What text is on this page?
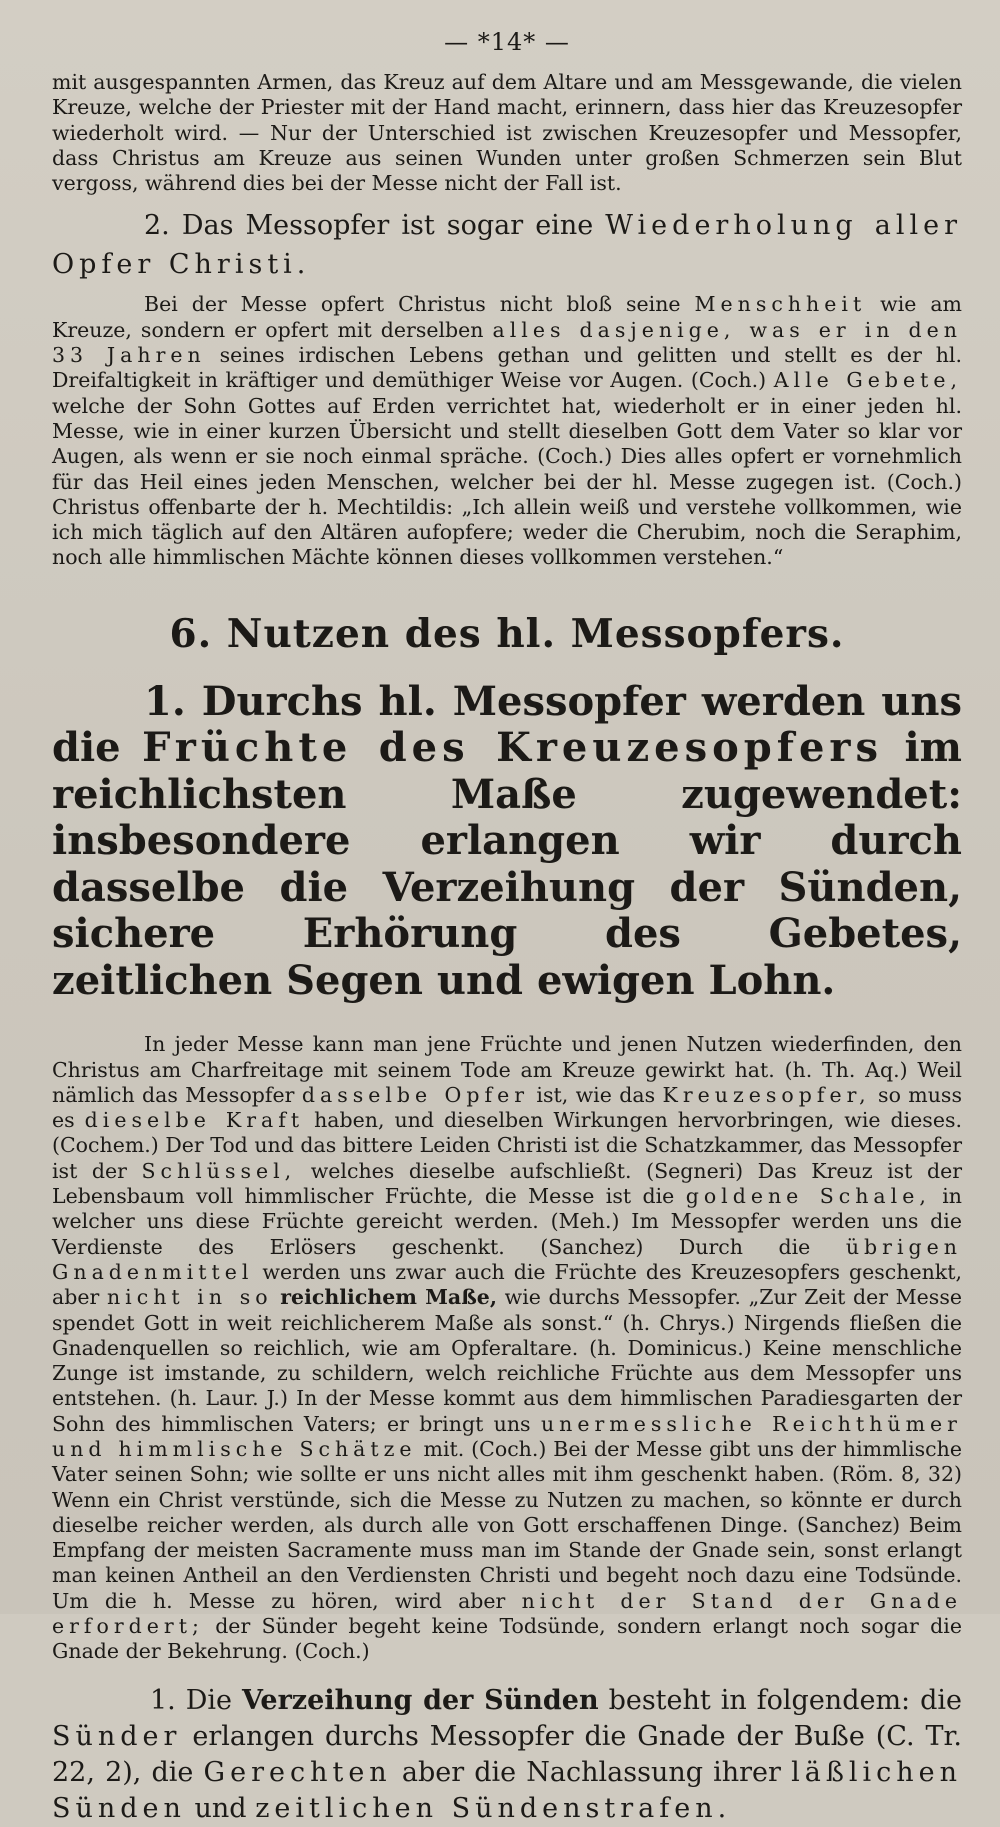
— *14* —

mit ausgespannten Armen, das Kreuz auf dem Altare und am Messgewande, die vielen Kreuze, welche der Priester mit der Hand macht, erinnern, dass hier das Kreuzesopfer wiederholt wird. — Nur der Unterschied ist zwischen Kreuzesopfer und Messopfer, dass Christus am Kreuze aus seinen Wunden unter großen Schmerzen sein Blut vergoss, während dies bei der Messe nicht der Fall ist.

2. Das Messopfer ist sogar eine Wiederholung aller Opfer Christi.

Bei der Messe opfert Christus nicht bloß seine Menschheit wie am Kreuze, sondern er opfert mit derselben alles dasjenige, was er in den 33 Jahren seines irdischen Lebens gethan und gelitten und stellt es der hl. Dreifaltigkeit in kräftiger und demüthiger Weise vor Augen. (Coch.) Alle Gebete, welche der Sohn Gottes auf Erden verrichtet hat, wiederholt er in einer jeden hl. Messe, wie in einer kurzen Übersicht und stellt dieselben Gott dem Vater so klar vor Augen, als wenn er sie noch einmal spräche. (Coch.) Dies alles opfert er vornehmlich für das Heil eines jeden Menschen, welcher bei der hl. Messe zugegen ist. (Coch.) Christus offenbarte der h. Mechtildis: „Ich allein weiß und verstehe vollkommen, wie ich mich täglich auf den Altären aufopfere; weder die Cherubim, noch die Seraphim, noch alle himmlischen Mächte können dieses vollkommen verstehen.“

6. Nutzen des hl. Messopfers.

1. Durchs hl. Messopfer werden uns die Früchte des Kreuzesopfers im reichlichsten Maße zugewendet: insbesondere erlangen wir durch dasselbe die Verzeihung der Sünden, sichere Erhörung des Gebetes, zeitlichen Segen und ewigen Lohn.

In jeder Messe kann man jene Früchte und jenen Nutzen wiederfinden, den Christus am Charfreitage mit seinem Tode am Kreuze gewirkt hat. (h. Th. Aq.) Weil nämlich das Messopfer dasselbe Opfer ist, wie das Kreuzesopfer, so muss es dieselbe Kraft haben, und dieselben Wirkungen hervorbringen, wie dieses. (Cochem.) Der Tod und das bittere Leiden Christi ist die Schatzkammer, das Messopfer ist der Schlüssel, welches dieselbe aufschließt. (Segneri) Das Kreuz ist der Lebensbaum voll himmlischer Früchte, die Messe ist die goldene Schale, in welcher uns diese Früchte gereicht werden. (Meh.) Im Messopfer werden uns die Verdienste des Erlösers geschenkt. (Sanchez) Durch die übrigen Gnadenmittel werden uns zwar auch die Früchte des Kreuzesopfers geschenkt, aber nicht in so reichlichem Maße, wie durchs Messopfer. „Zur Zeit der Messe spendet Gott in weit reichlicherem Maße als sonst.“ (h. Chrys.) Nirgends fließen die Gnadenquellen so reichlich, wie am Opferaltare. (h. Dominicus.) Keine menschliche Zunge ist imstande, zu schildern, welch reichliche Früchte aus dem Messopfer uns entstehen. (h. Laur. J.) In der Messe kommt aus dem himmlischen Paradiesgarten der Sohn des himmlischen Vaters; er bringt uns unermessliche Reichthümer und himmlische Schätze mit. (Coch.) Bei der Messe gibt uns der himmlische Vater seinen Sohn; wie sollte er uns nicht alles mit ihm geschenkt haben. (Röm. 8, 32) Wenn ein Christ verstünde, sich die Messe zu Nutzen zu machen, so könnte er durch dieselbe reicher werden, als durch alle von Gott erschaffenen Dinge. (Sanchez) Beim Empfang der meisten Sacramente muss man im Stande der Gnade sein, sonst erlangt man keinen Antheil an den Verdiensten Christi und begeht noch dazu eine Todsünde. Um die h. Messe zu hören, wird aber nicht der Stand der Gnade erfordert; der Sünder begeht keine Todsünde, sondern erlangt noch sogar die Gnade der Bekehrung. (Coch.)

1. Die Verzeihung der Sünden besteht in folgendem: die Sünder erlangen durchs Messopfer die Gnade der Buße (C. Tr. 22, 2), die Gerechten aber die Nachlassung ihrer läßlichen Sünden und zeitlichen Sündenstrafen.
